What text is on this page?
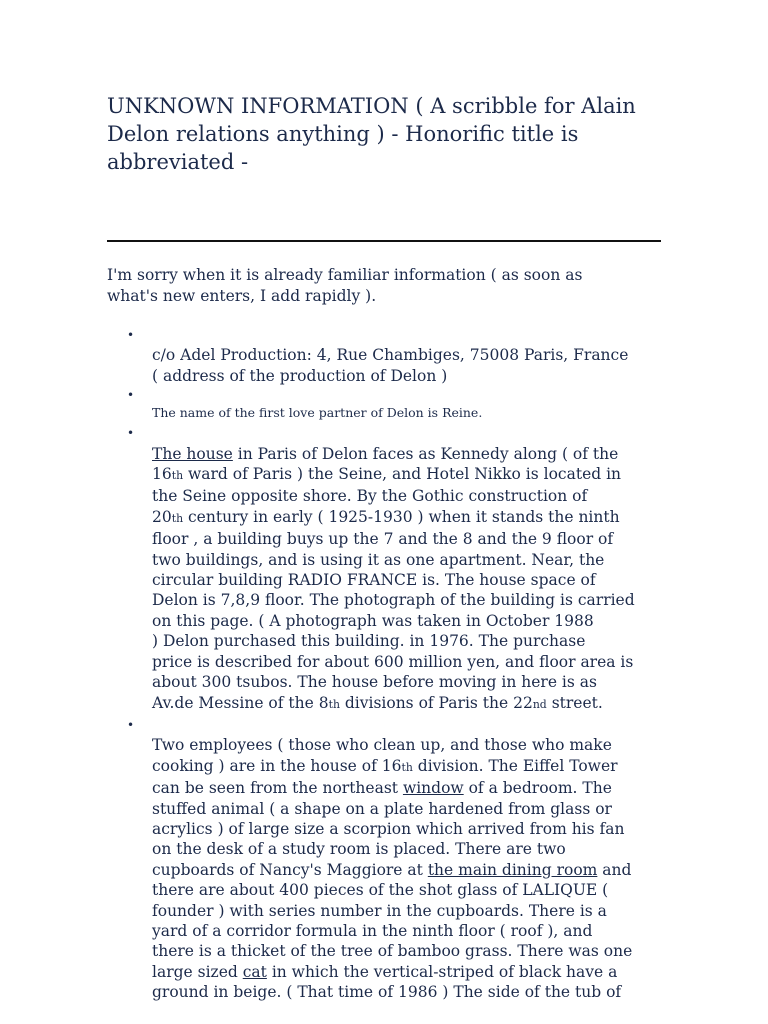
UNKNOWN INFORMATION ( A scribble for Alain
Delon relations anything ) - Honorific title is
abbreviated -

I'm sorry when it is already familiar information ( as soon as
what's new enters, I add rapidly ).

•
c/o Adel Production: 4, Rue Chambiges, 75008 Paris, France
( address of the production of Delon )

•
The name of the first love partner of Delon is Reine.

•
The house in Paris of Delon faces as Kennedy along ( of the
16th ward of Paris ) the Seine, and Hotel Nikko is located in
the Seine opposite shore. By the Gothic construction of
20th century in early ( 1925-1930 ) when it stands the ninth
floor , a building buys up the 7 and the 8 and the 9 floor of
two buildings, and is using it as one apartment. Near, the
circular building RADIO FRANCE is. The house space of
Delon is 7,8,9 floor. The photograph of the building is carried
on this page. ( A photograph was taken in October 1988
) Delon purchased this building. in 1976. The purchase
price is described for about 600 million yen, and floor area is
about 300 tsubos. The house before moving in here is as
Av.de Messine of the 8th divisions of Paris the 22nd street.

•
Two employees ( those who clean up, and those who make
cooking ) are in the house of 16th division. The Eiffel Tower
can be seen from the northeast window of a bedroom. The
stuffed animal ( a shape on a plate hardened from glass or
acrylics ) of large size a scorpion which arrived from his fan
on the desk of a study room is placed. There are two
cupboards of Nancy's Maggiore at the main dining room and
there are about 400 pieces of the shot glass of LALIQUE (
founder ) with series number in the cupboards. There is a
yard of a corridor formula in the ninth floor ( roof ), and
there is a thicket of the tree of bamboo grass. There was one
large sized cat in which the vertical-striped of black have a
ground in beige. ( That time of 1986 ) The side of the tub of
